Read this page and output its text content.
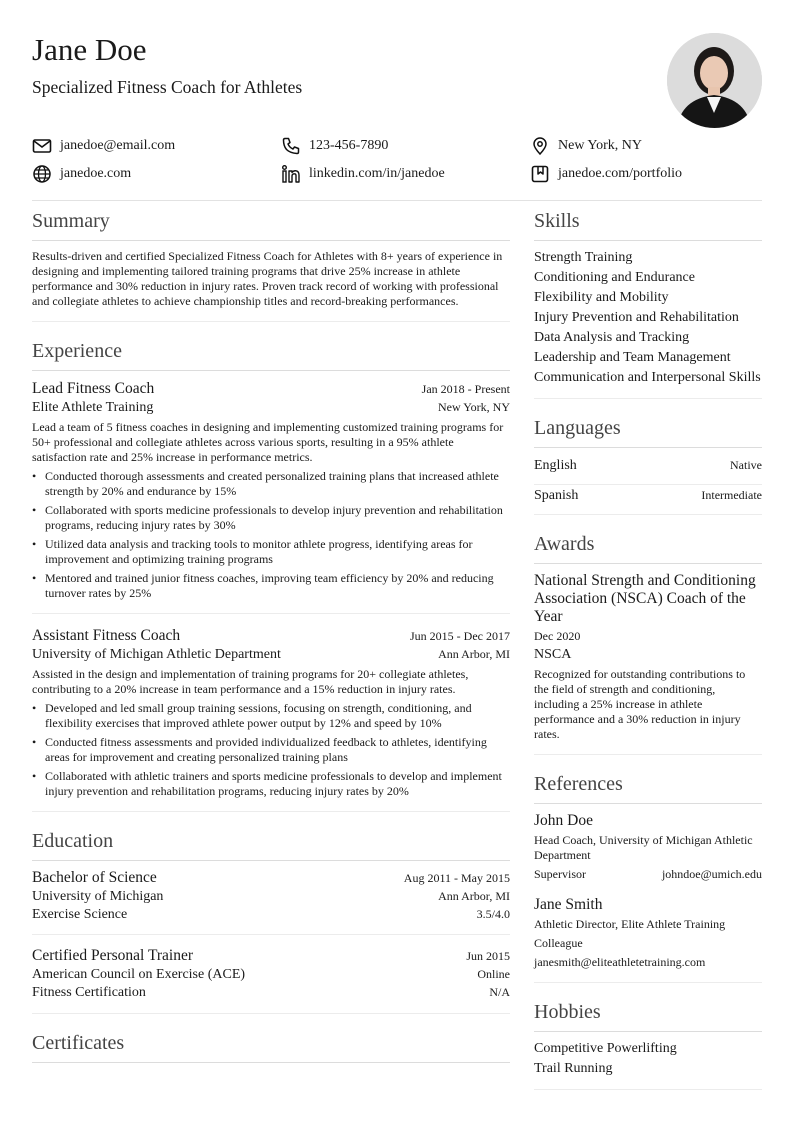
Jane Doe
Specialized Fitness Coach for Athletes
janedoe@email.com	123-456-7890	New York, NY
janedoe.com	linkedin.com/in/janedoe	janedoe.com/portfolio
Summary
Results-driven and certified Specialized Fitness Coach for Athletes with 8+ years of experience in designing and implementing tailored training programs that drive 25% increase in athlete performance and 30% reduction in injury rates. Proven track record of working with professional and collegiate athletes to achieve championship titles and record-breaking performances.
Experience
Lead Fitness Coach	Jan 2018 - Present
Elite Athlete Training	New York, NY
Lead a team of 5 fitness coaches in designing and implementing customized training programs for 50+ professional and collegiate athletes across various sports, resulting in a 95% athlete satisfaction rate and 25% increase in performance metrics.
• Conducted thorough assessments and created personalized training plans that increased athlete strength by 20% and endurance by 15%
• Collaborated with sports medicine professionals to develop injury prevention and rehabilitation programs, reducing injury rates by 30%
• Utilized data analysis and tracking tools to monitor athlete progress, identifying areas for improvement and optimizing training programs
• Mentored and trained junior fitness coaches, improving team efficiency by 20% and reducing turnover rates by 25%
Assistant Fitness Coach	Jun 2015 - Dec 2017
University of Michigan Athletic Department	Ann Arbor, MI
Assisted in the design and implementation of training programs for 20+ collegiate athletes, contributing to a 20% increase in team performance and a 15% reduction in injury rates.
• Developed and led small group training sessions, focusing on strength, conditioning, and flexibility exercises that improved athlete power output by 12% and speed by 10%
• Conducted fitness assessments and provided individualized feedback to athletes, identifying areas for improvement and creating personalized training plans
• Collaborated with athletic trainers and sports medicine professionals to develop and implement injury prevention and rehabilitation programs, reducing injury rates by 20%
Education
Bachelor of Science	Aug 2011 - May 2015
University of Michigan	Ann Arbor, MI
Exercise Science	3.5/4.0
Certified Personal Trainer	Jun 2015
American Council on Exercise (ACE)	Online
Fitness Certification	N/A
Certificates
Skills
Strength Training
Conditioning and Endurance
Flexibility and Mobility
Injury Prevention and Rehabilitation
Data Analysis and Tracking
Leadership and Team Management
Communication and Interpersonal Skills
Languages
English	Native
Spanish	Intermediate
Awards
National Strength and Conditioning Association (NSCA) Coach of the Year
Dec 2020
NSCA
Recognized for outstanding contributions to the field of strength and conditioning, including a 25% increase in athlete performance and a 30% reduction in injury rates.
References
John Doe
Head Coach, University of Michigan Athletic Department
Supervisor	johndoe@umich.edu
Jane Smith
Athletic Director, Elite Athlete Training
Colleague
janesmith@eliteathletetraining.com
Hobbies
Competitive Powerlifting
Trail Running
